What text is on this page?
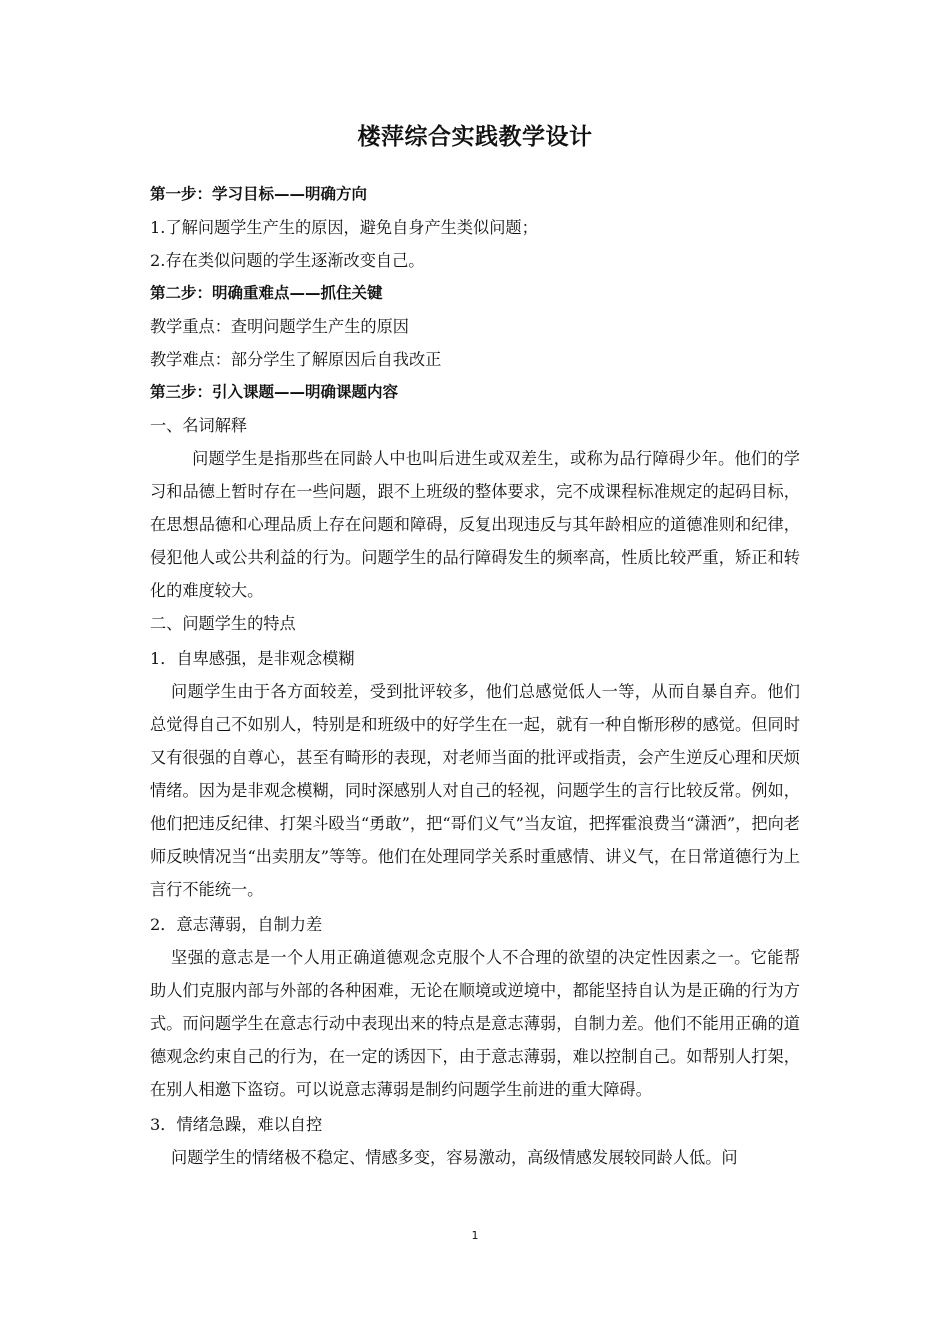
楼萍综合实践教学设计

第一步：学习目标——明确方向

1.了解问题学生产生的原因，避免自身产生类似问题；

2.存在类似问题的学生逐渐改变自己。

第二步：明确重难点——抓住关键

教学重点：查明问题学生产生的原因

教学难点：部分学生了解原因后自我改正

第三步：引入课题——明确课题内容

一、名词解释

问题学生是指那些在同龄人中也叫后进生或双差生，或称为品行障碍少年。他们的学习和品德上暂时存在一些问题，跟不上班级的整体要求，完不成课程标准规定的起码目标，在思想品德和心理品质上存在问题和障碍，反复出现违反与其年龄相应的道德准则和纪律，侵犯他人或公共利益的行为。问题学生的品行障碍发生的频率高，性质比较严重，矫正和转化的难度较大。

二、问题学生的特点

1．自卑感强，是非观念模糊

问题学生由于各方面较差，受到批评较多，他们总感觉低人一等，从而自暴自弃。他们总觉得自己不如别人，特别是和班级中的好学生在一起，就有一种自惭形秽的感觉。但同时又有很强的自尊心，甚至有畸形的表现，对老师当面的批评或指责，会产生逆反心理和厌烦情绪。因为是非观念模糊，同时深感别人对自己的轻视，问题学生的言行比较反常。例如，他们把违反纪律、打架斗殴当“勇敢”，把“哥们义气”当友谊，把挥霍浪费当“潇洒”，把向老师反映情况当“出卖朋友”等等。他们在处理同学关系时重感情、讲义气，在日常道德行为上言行不能统一。

2．意志薄弱，自制力差

坚强的意志是一个人用正确道德观念克服个人不合理的欲望的决定性因素之一。它能帮助人们克服内部与外部的各种困难，无论在顺境或逆境中，都能坚持自认为是正确的行为方式。而问题学生在意志行动中表现出来的特点是意志薄弱，自制力差。他们不能用正确的道德观念约束自己的行为，在一定的诱因下，由于意志薄弱，难以控制自己。如帮别人打架，在别人相邀下盗窃。可以说意志薄弱是制约问题学生前进的重大障碍。

3．情绪急躁，难以自控

问题学生的情绪极不稳定、情感多变，容易激动，高级情感发展较同龄人低。问

1
